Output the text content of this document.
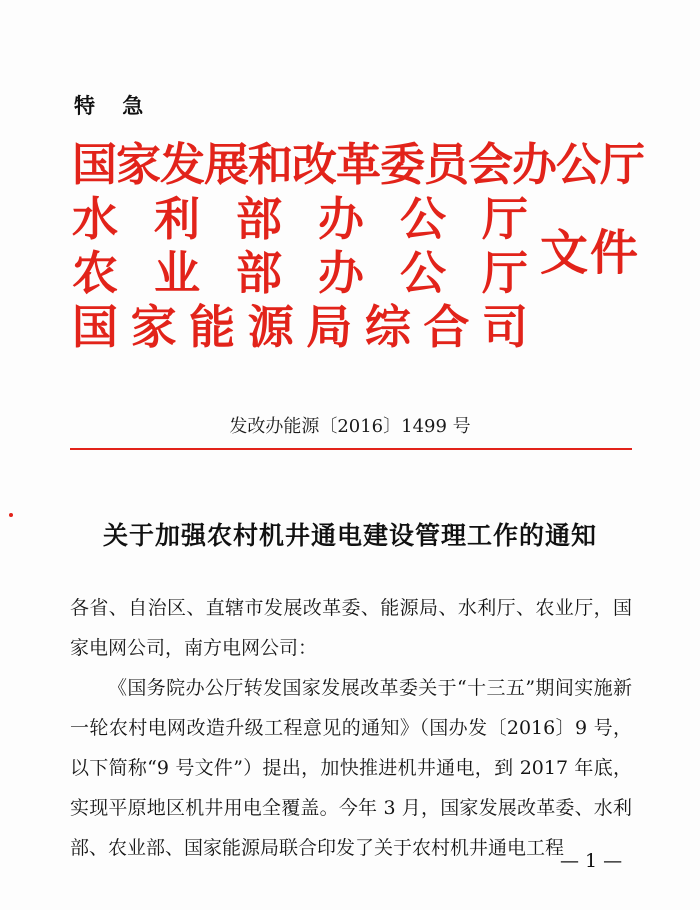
特 急
国家发展和改革委员会办公厅
水 利 部 办 公 厅
农 业 部 办 公 厅
国 家 能 源 局 综 合 司
文件
发改办能源〔2016〕1499 号
关于加强农村机井通电建设管理工作的通知

各省、自治区、直辖市发展改革委、能源局、水利厅、农业厅，国家电网公司，南方电网公司：

《国务院办公厅转发国家发展改革委关于“十三五”期间实施新一轮农村电网改造升级工程意见的通知》（国办发〔2016〕9 号，以下简称“9 号文件”）提出，加快推进机井通电，到 2017 年底，实现平原地区机井用电全覆盖。今年 3 月，国家发展改革委、水利部、农业部、国家能源局联合印发了关于农村机井通电工程

— 1 —
